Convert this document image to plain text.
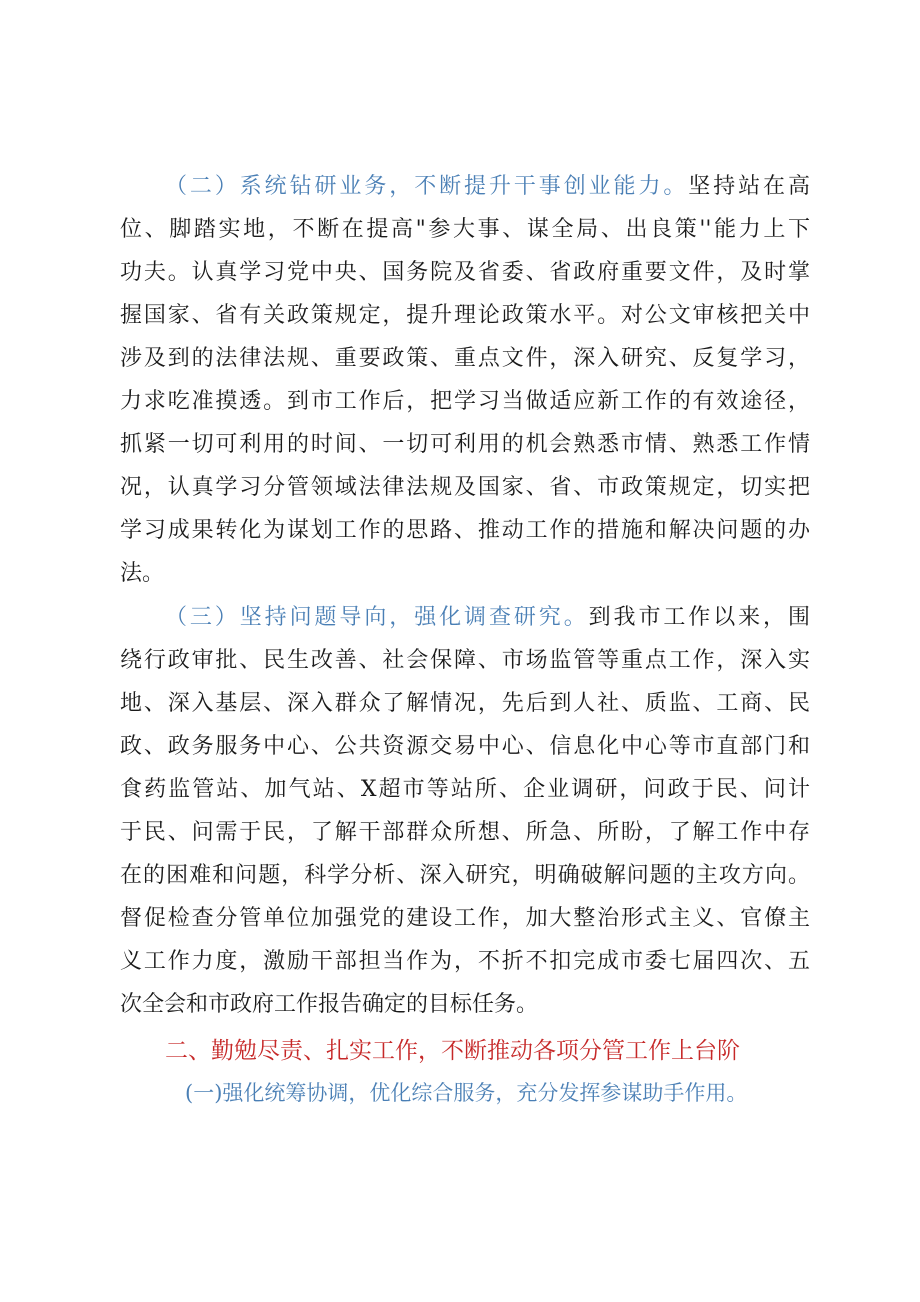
（二）系统钻研业务，不断提升干事创业能力。坚持站在高
位、脚踏实地，不断在提高"参大事、谋全局、出良策''能力上下
功夫。认真学习党中央、国务院及省委、省政府重要文件，及时掌
握国家、省有关政策规定，提升理论政策水平。对公文审核把关中
涉及到的法律法规、重要政策、重点文件，深入研究、反复学习，
力求吃准摸透。到市工作后，把学习当做适应新工作的有效途径，
抓紧一切可利用的时间、一切可利用的机会熟悉市情、熟悉工作情
况，认真学习分管领域法律法规及国家、省、市政策规定，切实把
学习成果转化为谋划工作的思路、推动工作的措施和解决问题的办
法。
（三）坚持问题导向，强化调查研究。到我市工作以来，围
绕行政审批、民生改善、社会保障、市场监管等重点工作，深入实
地、深入基层、深入群众了解情况，先后到人社、质监、工商、民
政、政务服务中心、公共资源交易中心、信息化中心等市直部门和
食药监管站、加气站、X超市等站所、企业调研，问政于民、问计
于民、问需于民，了解干部群众所想、所急、所盼，了解工作中存
在的困难和问题，科学分析、深入研究，明确破解问题的主攻方向。
督促检查分管单位加强党的建设工作，加大整治形式主义、官僚主
义工作力度，激励干部担当作为，不折不扣完成市委七届四次、五
次全会和市政府工作报告确定的目标任务。
二、勤勉尽责、扎实工作，不断推动各项分管工作上台阶
(一)强化统筹协调，优化综合服务，充分发挥参谋助手作用。
